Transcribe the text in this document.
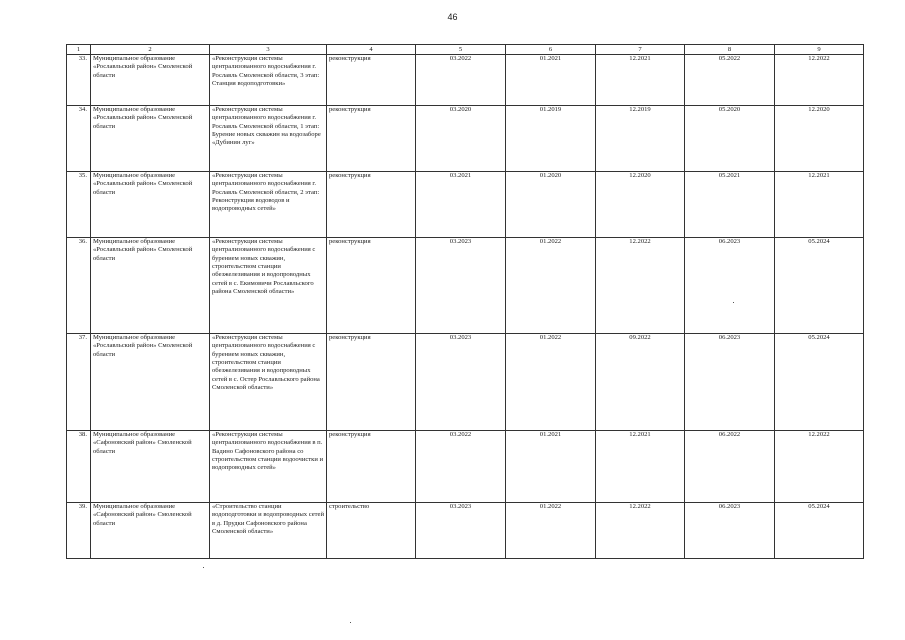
46
1	2	3	4	5	6	7	8	9
33.	Муниципальное образование «Рославльский район» Смоленской области	«Реконструкция системы централизованного водоснабжения г. Рославль Смоленской области, 3 этап: Станция водоподготовки»	реконструкция	03.2022	01.2021	12.2021	05.2022	12.2022
34.	Муниципальное образование «Рославльский район» Смоленской области	«Реконструкция системы централизованного водоснабжения г. Рославль Смоленской области, 1 этап: Бурение новых скважин на водозаборе «Дубинин луг»	реконструкция	03.2020	01.2019	12.2019	05.2020	12.2020
35.	Муниципальное образование «Рославльский район» Смоленской области	«Реконструкция системы централизованного водоснабжения г. Рославль Смоленской области, 2 этап: Реконструкция водоводов и водопроводных сетей»	реконструкция	03.2021	01.2020	12.2020	05.2021	12.2021
36.	Муниципальное образование «Рославльский район» Смоленской области	«Реконструкция системы централизованного водоснабжения с бурением новых скважин, строительством станции обезжелезивания и водопроводных сетей в с. Екимовичи Рославльского района Смоленской области»	реконструкция	03.2023	01.2022	12.2022	06.2023	05.2024
37.	Муниципальное образование «Рославльский район» Смоленской области	«Реконструкция системы централизованного водоснабжения с бурением новых скважин, строительством станции обезжелезивания и водопроводных сетей в с. Остер Рославльского района Смоленской области»	реконструкция	03.2023	01.2022	09.2022	06.2023	05.2024
38.	Муниципальное образование «Сафоновский район» Смоленской области	«Реконструкция системы централизованного водоснабжения в п. Вадино Сафоновского района со строительством станции водоочистки и водопроводных сетей»	реконструкция	03.2022	01.2021	12.2021	06.2022	12.2022
39.	Муниципальное образование «Сафоновский район» Смоленской области	«Строительство станции водоподготовки и водопроводных сетей в д. Прудки Сафоновского района Смоленской области»	строительство	03.2023	01.2022	12.2022	06.2023	05.2024
